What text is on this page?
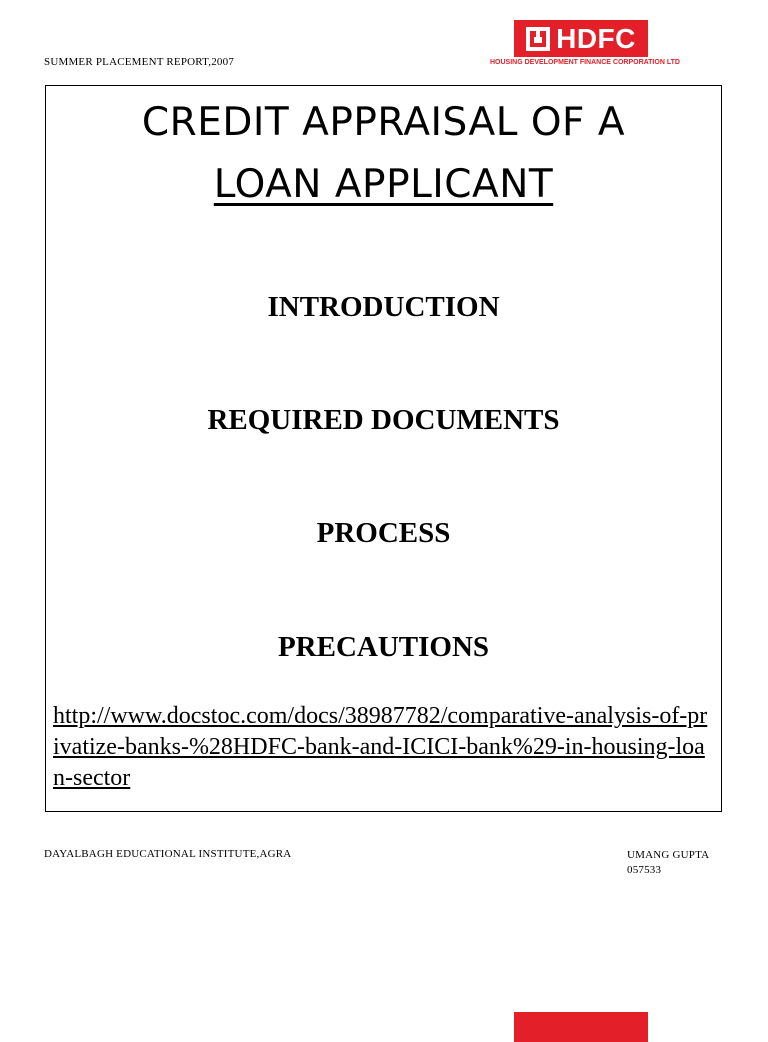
SUMMER PLACEMENT REPORT,2007
HDFC
HOUSING DEVELOPMENT FINANCE CORPORATION LTD
CREDIT APPRAISAL OF A
LOAN APPLICANT
INTRODUCTION
REQUIRED DOCUMENTS
PROCESS
PRECAUTIONS
http://www.docstoc.com/docs/38987782/comparative-analysis-of-privatize-banks-%28HDFC-bank-and-ICICI-bank%29-in-housing-loan-sector
DAYALBAGH EDUCATIONAL INSTITUTE,AGRA	UMANG GUPTA
057533
